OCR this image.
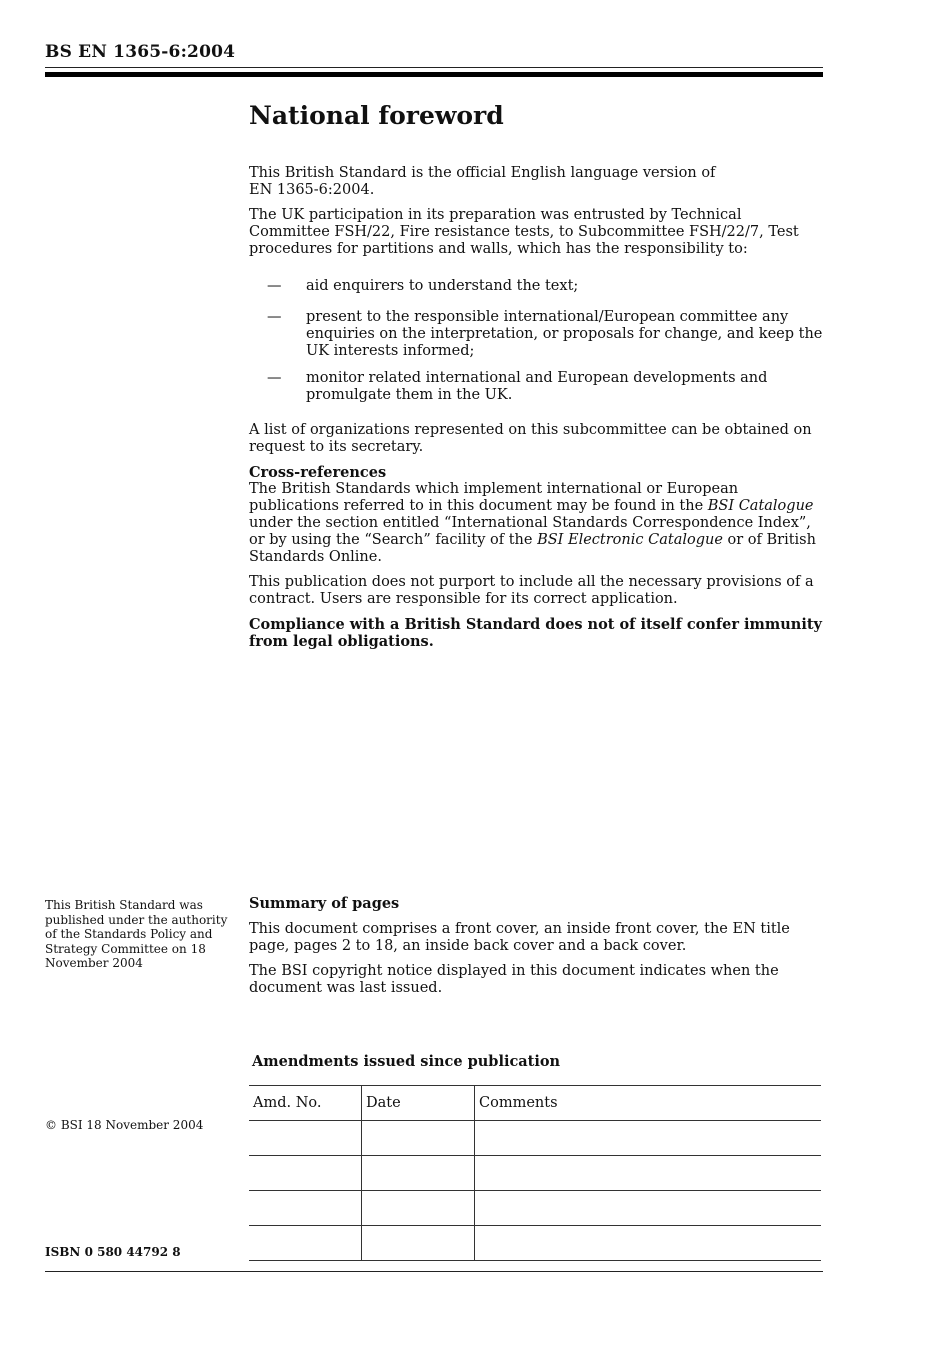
BS EN 1365-6:2004
National foreword

This British Standard is the official English language version of EN 1365-6:2004.

The UK participation in its preparation was entrusted by Technical Committee FSH/22, Fire resistance tests, to Subcommittee FSH/22/7, Test procedures for partitions and walls, which has the responsibility to:

— aid enquirers to understand the text;
— present to the responsible international/European committee any enquiries on the interpretation, or proposals for change, and keep the UK interests informed;
— monitor related international and European developments and promulgate them in the UK.

A list of organizations represented on this subcommittee can be obtained on request to its secretary.

Cross-references

The British Standards which implement international or European publications referred to in this document may be found in the BSI Catalogue under the section entitled “International Standards Correspondence Index”, or by using the “Search” facility of the BSI Electronic Catalogue or of British Standards Online.

This publication does not purport to include all the necessary provisions of a contract. Users are responsible for its correct application.

Compliance with a British Standard does not of itself confer immunity from legal obligations.

This British Standard was published under the authority of the Standards Policy and Strategy Committee on 18 November 2004

Summary of pages

This document comprises a front cover, an inside front cover, the EN title page, pages 2 to 18, an inside back cover and a back cover.

The BSI copyright notice displayed in this document indicates when the document was last issued.

Amendments issued since publication
Amd. No.	Date	Comments

© BSI 18 November 2004
ISBN 0 580 44792 8
